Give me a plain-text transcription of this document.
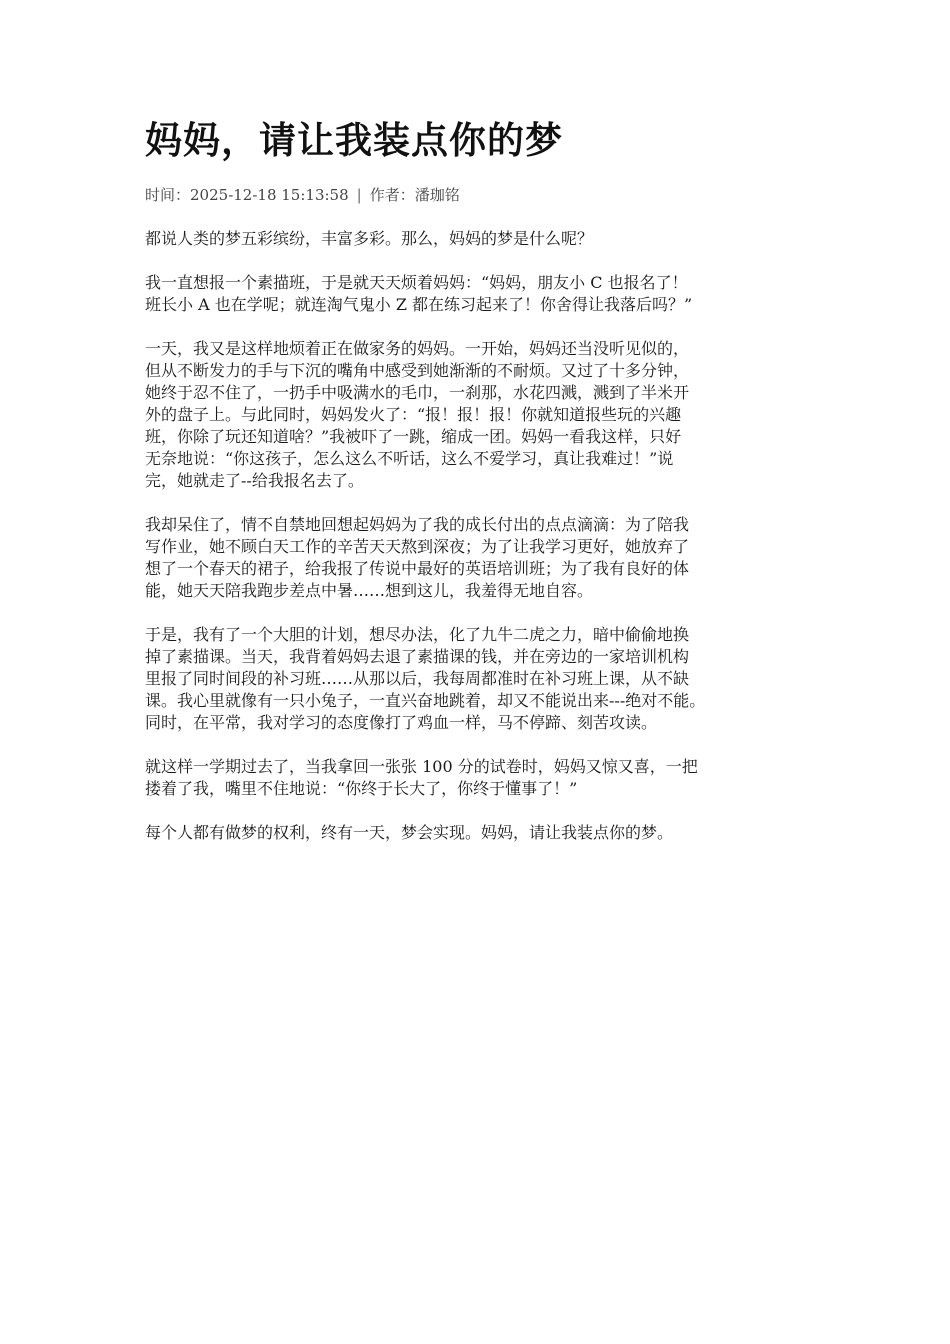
妈妈，请让我装点你的梦
时间：2025-12-18 15:13:58 | 作者：潘珈铭

都说人类的梦五彩缤纷，丰富多彩。那么，妈妈的梦是什么呢？

我一直想报一个素描班，于是就天天烦着妈妈：“妈妈，朋友小 C 也报名了！
班长小 A 也在学呢；就连淘气鬼小 Z 都在练习起来了！你舍得让我落后吗？”

一天，我又是这样地烦着正在做家务的妈妈。一开始，妈妈还当没听见似的，
但从不断发力的手与下沉的嘴角中感受到她渐渐的不耐烦。又过了十多分钟，
她终于忍不住了，一扔手中吸满水的毛巾，一刹那，水花四溅，溅到了半米开
外的盘子上。与此同时，妈妈发火了：“报！报！报！你就知道报些玩的兴趣
班，你除了玩还知道啥？”我被吓了一跳，缩成一团。妈妈一看我这样，只好
无奈地说：“你这孩子，怎么这么不听话，这么不爱学习，真让我难过！”说
完，她就走了--给我报名去了。

我却呆住了，情不自禁地回想起妈妈为了我的成长付出的点点滴滴：为了陪我
写作业，她不顾白天工作的辛苦天天熬到深夜；为了让我学习更好，她放弃了
想了一个春天的裙子，给我报了传说中最好的英语培训班；为了我有良好的体
能，她天天陪我跑步差点中暑……想到这儿，我羞得无地自容。

于是，我有了一个大胆的计划，想尽办法，化了九牛二虎之力，暗中偷偷地换
掉了素描课。当天，我背着妈妈去退了素描课的钱，并在旁边的一家培训机构
里报了同时间段的补习班……从那以后，我每周都准时在补习班上课，从不缺
课。我心里就像有一只小兔子，一直兴奋地跳着，却又不能说出来---绝对不能。
同时，在平常，我对学习的态度像打了鸡血一样，马不停蹄、刻苦攻读。

就这样一学期过去了，当我拿回一张张 100 分的试卷时，妈妈又惊又喜，一把
搂着了我，嘴里不住地说：“你终于长大了，你终于懂事了！”

每个人都有做梦的权利，终有一天，梦会实现。妈妈，请让我装点你的梦。
